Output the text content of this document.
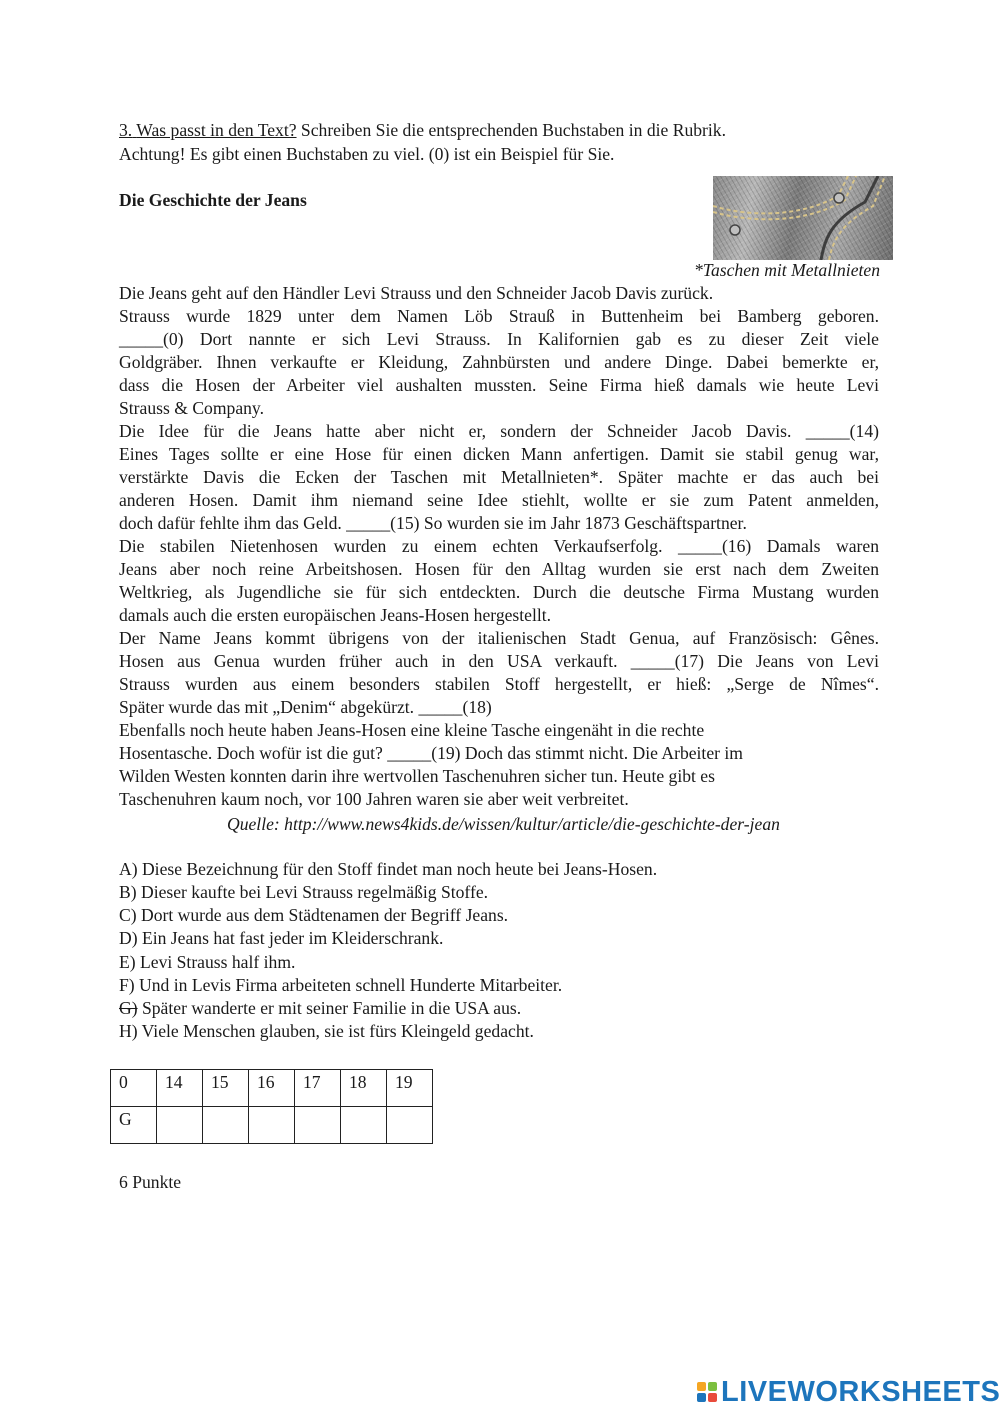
3. Was passt in den Text? Schreiben Sie die entsprechenden Buchstaben in die Rubrik.
Achtung! Es gibt einen Buchstaben zu viel. (0) ist ein Beispiel für Sie.
Die Geschichte der Jeans
*Taschen mit Metallnieten
Die Jeans geht auf den Händler Levi Strauss und den Schneider Jacob Davis zurück.
Strauss wurde 1829 unter dem Namen Löb Strauß in Buttenheim bei Bamberg geboren.
_____(0) Dort nannte er sich Levi Strauss. In Kalifornien gab es zu dieser Zeit viele
Goldgräber. Ihnen verkaufte er Kleidung, Zahnbürsten und andere Dinge. Dabei bemerkte er,
dass die Hosen der Arbeiter viel aushalten mussten. Seine Firma hieß damals wie heute Levi
Strauss & Company.
Die Idee für die Jeans hatte aber nicht er, sondern der Schneider Jacob Davis. _____(14)
Eines Tages sollte er eine Hose für einen dicken Mann anfertigen. Damit sie stabil genug war,
verstärkte Davis die Ecken der Taschen mit Metallnieten*. Später machte er das auch bei
anderen Hosen. Damit ihm niemand seine Idee stiehlt, wollte er sie zum Patent anmelden,
doch dafür fehlte ihm das Geld. _____(15) So wurden sie im Jahr 1873 Geschäftspartner.
Die stabilen Nietenhosen wurden zu einem echten Verkaufserfolg. _____(16) Damals waren
Jeans aber noch reine Arbeitshosen. Hosen für den Alltag wurden sie erst nach dem Zweiten
Weltkrieg, als Jugendliche sie für sich entdeckten. Durch die deutsche Firma Mustang wurden
damals auch die ersten europäischen Jeans-Hosen hergestellt.
Der Name Jeans kommt übrigens von der italienischen Stadt Genua, auf Französisch: Gênes.
Hosen aus Genua wurden früher auch in den USA verkauft. _____(17) Die Jeans von Levi
Strauss wurden aus einem besonders stabilen Stoff hergestellt, er hieß: „Serge de Nîmes“.
Später wurde das mit „Denim“ abgekürzt. _____(18)
Ebenfalls noch heute haben Jeans-Hosen eine kleine Tasche eingenäht in die rechte
Hosentasche. Doch wofür ist die gut? _____(19) Doch das stimmt nicht. Die Arbeiter im
Wilden Westen konnten darin ihre wertvollen Taschenuhren sicher tun. Heute gibt es
Taschenuhren kaum noch, vor 100 Jahren waren sie aber weit verbreitet.
Quelle: http://www.news4kids.de/wissen/kultur/article/die-geschichte-der-jean
A) Diese Bezeichnung für den Stoff findet man noch heute bei Jeans-Hosen.
B) Dieser kaufte bei Levi Strauss regelmäßig Stoffe.
C) Dort wurde aus dem Städtenamen der Begriff Jeans.
D) Ein Jeans hat fast jeder im Kleiderschrank.
E) Levi Strauss half ihm.
F) Und in Levis Firma arbeiteten schnell Hunderte Mitarbeiter.
G) Später wanderte er mit seiner Familie in die USA aus.
H) Viele Menschen glauben, sie ist fürs Kleingeld gedacht.
0	14	15	16	17	18	19
G						
6 Punkte
LIVEWORKSHEETS
